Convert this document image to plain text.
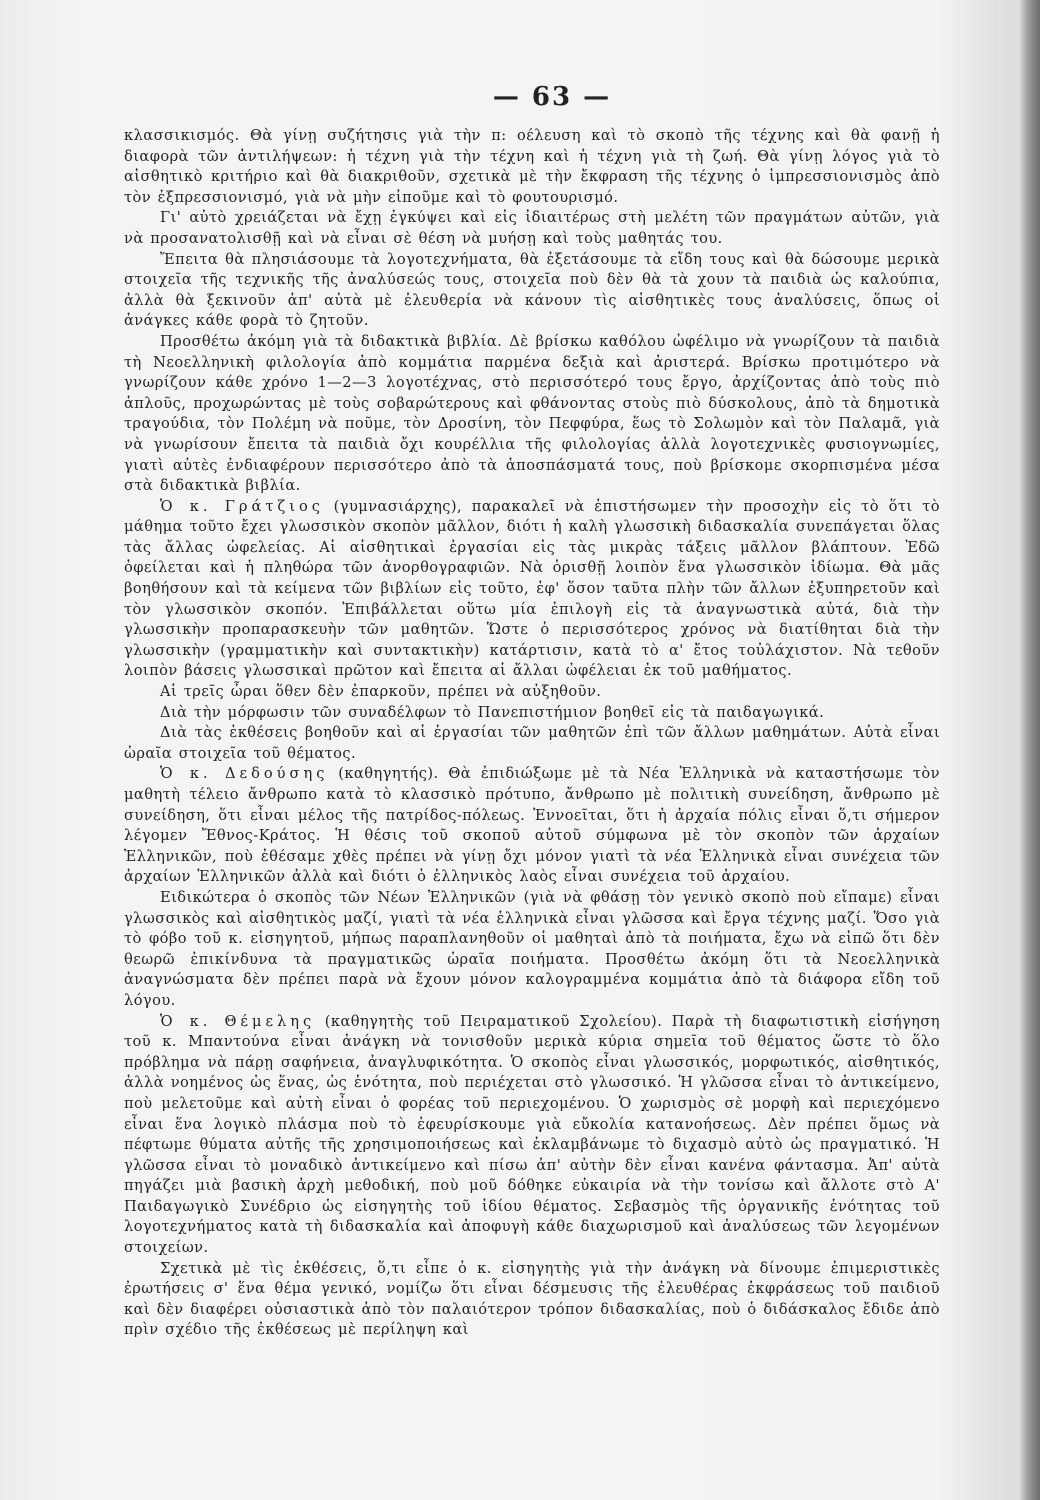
— 63 —

κλασσικισμός. Θὰ γίνῃ συζήτησις γιὰ τὴν π: οέλευση καὶ τὸ σκοπὸ τῆς τέχνης καὶ θὰ φανῇ ἡ διαφορὰ τῶν ἀντιλήψεων: ἡ τέχνη γιὰ τὴν τέχνη καὶ ἡ τέχνη γιὰ τὴ ζωή. Θὰ γίνῃ λόγος γιὰ τὸ αἰσθητικὸ κριτήριο καὶ θὰ διακριθοῦν, σχετικὰ μὲ τὴν ἔκφραση τῆς τέχνης ὁ ἰμπρεσσιονισμὸς ἀπὸ τὸν ἐξπρεσσιονισμό, γιὰ νὰ μὴν εἰποῦμε καὶ τὸ φουτουρισμό.

Γι' αὐτὸ χρειάζεται νὰ ἔχῃ ἐγκύψει καὶ εἰς ἰδιαιτέρως στὴ μελέτη τῶν πραγμάτων αὐτῶν, γιὰ νὰ προσανατολισθῇ καὶ νὰ εἶναι σὲ θέση νὰ μυήσῃ καὶ τοὺς μαθητάς του.

Ἔπειτα θὰ πλησιάσουμε τὰ λογοτεχνήματα, θὰ ἐξετάσουμε τὰ εἴδη τους καὶ θὰ δώσουμε μερικὰ στοιχεῖα τῆς τεχνικῆς τῆς ἀναλύσεώς τους, στοιχεῖα ποὺ δὲν θὰ τὰ χουν τὰ παιδιὰ ὡς καλούπια, ἀλλὰ θὰ ξεκινοῦν ἀπ' αὐτὰ μὲ ἐλευθερία νὰ κάνουν τὶς αἰσθητικὲς τους ἀναλύσεις, ὅπως οἱ ἀνάγκες κάθε φορὰ τὸ ζητοῦν.

Προσθέτω ἀκόμη γιὰ τὰ διδακτικὰ βιβλία. Δὲ βρίσκω καθόλου ὠφέλιμο νὰ γνωρίζουν τὰ παιδιὰ τὴ Νεοελληνικὴ φιλολογία ἀπὸ κομμάτια παρμένα δεξιὰ καὶ ἀριστερά. Βρίσκω προτιμότερο νὰ γνωρίζουν κάθε χρόνο 1—2—3 λογοτέχνας, στὸ περισσότερό τους ἔργο, ἀρχίζοντας ἀπὸ τοὺς πιὸ ἁπλοῦς, προχωρώντας μὲ τοὺς σοβαρώτερους καὶ φθάνοντας στοὺς πιὸ δύσκολους, ἀπὸ τὰ δημοτικὰ τραγούδια, τὸν Πολέμη νὰ ποῦμε, τὸν Δροσίνη, τὸν Πεφφύρα, ἕως τὸ Σολωμὸν καὶ τὸν Παλαμᾶ, γιὰ νὰ γνωρίσουν ἔπειτα τὰ παιδιὰ ὄχι κουρέλλια τῆς φιλολογίας ἀλλὰ λογοτεχνικὲς φυσιογνωμίες, γιατὶ αὐτὲς ἐνδιαφέρουν περισσότερο ἀπὸ τὰ ἀποσπάσματά τους, ποὺ βρίσκομε σκορπισμένα μέσα στὰ διδακτικὰ βιβλία.

Ὁ κ. Γράτζιος (γυμνασιάρχης), παρακαλεῖ νὰ ἐπιστήσωμεν τὴν προσοχὴν εἰς τὸ ὅτι τὸ μάθημα τοῦτο ἔχει γλωσσικὸν σκοπὸν μᾶλλον, διότι ἡ καλὴ γλωσσικὴ διδασκαλία συνεπάγεται ὅλας τὰς ἄλλας ὠφελείας. Αἱ αἰσθητικαὶ ἐργασίαι εἰς τὰς μικρὰς τάξεις μᾶλλον βλάπτουν. Ἐδῶ ὀφείλεται καὶ ἡ πληθώρα τῶν ἀνορθογραφιῶν. Νὰ ὁρισθῇ λοιπὸν ἕνα γλωσσικὸν ἰδίωμα. Θὰ μᾶς βοηθήσουν καὶ τὰ κείμενα τῶν βιβλίων εἰς τοῦτο, ἐφ' ὅσον ταῦτα πλὴν τῶν ἄλλων ἐξυπηρετοῦν καὶ τὸν γλωσσικὸν σκοπόν. Ἐπιβάλλεται οὕτω μία ἐπιλογὴ εἰς τὰ ἀναγνωστικὰ αὐτά, διὰ τὴν γλωσσικὴν προπαρασκευὴν τῶν μαθητῶν. Ὥστε ὁ περισσότερος χρόνος νὰ διατίθηται διὰ τὴν γλωσσικὴν (γραμματικὴν καὶ συντακτικὴν) κατάρτισιν, κατὰ τὸ α' ἔτος τοὐλάχιστον. Νὰ τεθοῦν λοιπὸν βάσεις γλωσσικαὶ πρῶτον καὶ ἔπειτα αἱ ἄλλαι ὠφέλειαι ἐκ τοῦ μαθήματος.

Αἱ τρεῖς ὧραι ὅθεν δὲν ἐπαρκοῦν, πρέπει νὰ αὐξηθοῦν.

Διὰ τὴν μόρφωσιν τῶν συναδέλφων τὸ Πανεπιστήμιον βοηθεῖ εἰς τὰ παιδαγωγικά.

Διὰ τὰς ἐκθέσεις βοηθοῦν καὶ αἱ ἐργασίαι τῶν μαθητῶν ἐπὶ τῶν ἄλλων μαθημάτων. Αὐτὰ εἶναι ὡραῖα στοιχεῖα τοῦ θέματος.

Ὁ κ. Δεδούσης (καθηγητής). Θὰ ἐπιδιώξωμε μὲ τὰ Νέα Ἑλληνικὰ νὰ καταστήσωμε τὸν μαθητὴ τέλειο ἄνθρωπο κατὰ τὸ κλασσικὸ πρότυπο, ἄνθρωπο μὲ πολιτικὴ συνείδηση, ἄνθρωπο μὲ συνείδηση, ὅτι εἶναι μέλος τῆς πατρίδος-πόλεως. Ἐννοεῖται, ὅτι ἡ ἀρχαία πόλις εἶναι ὅ,τι σήμερον λέγομεν Ἔθνος-Κράτος. Ἡ θέσις τοῦ σκοποῦ αὐτοῦ σύμφωνα μὲ τὸν σκοπὸν τῶν ἀρχαίων Ἑλληνικῶν, ποὺ ἐθέσαμε χθὲς πρέπει νὰ γίνῃ ὄχι μόνον γιατὶ τὰ νέα Ἑλληνικὰ εἶναι συνέχεια τῶν ἀρχαίων Ἑλληνικῶν ἀλλὰ καὶ διότι ὁ ἑλληνικὸς λαὸς εἶναι συνέχεια τοῦ ἀρχαίου.

Ειδικώτερα ὁ σκοπὸς τῶν Νέων Ἑλληνικῶν (γιὰ νὰ φθάσῃ τὸν γενικὸ σκοπὸ ποὺ εἴπαμε) εἶναι γλωσσικὸς καὶ αἰσθητικὸς μαζί, γιατὶ τὰ νέα ἑλληνικὰ εἶναι γλῶσσα καὶ ἔργα τέχνης μαζί. Ὅσο γιὰ τὸ φόβο τοῦ κ. εἰσηγητοῦ, μήπως παραπλανηθοῦν οἱ μαθηταὶ ἀπὸ τὰ ποιήματα, ἔχω νὰ εἰπῶ ὅτι δὲν θεωρῶ ἐπικίνδυνα τὰ πραγματικῶς ὡραῖα ποιήματα. Προσθέτω ἀκόμη ὅτι τὰ Νεοελληνικὰ ἀναγνώσματα δὲν πρέπει παρὰ νὰ ἔχουν μόνον καλογραμμένα κομμάτια ἀπὸ τὰ διάφορα εἴδη τοῦ λόγου.

Ὁ κ. Θέμελης (καθηγητὴς τοῦ Πειραματικοῦ Σχολείου). Παρὰ τὴ διαφωτιστικὴ εἰσήγηση τοῦ κ. Μπαντούνα εἶναι ἀνάγκη νὰ τονισθοῦν μερικὰ κύρια σημεῖα τοῦ θέματος ὥστε τὸ ὅλο πρόβλημα νὰ πάρῃ σαφήνεια, ἀναγλυφικότητα. Ὁ σκοπὸς εἶναι γλωσσικός, μορφωτικός, αἰσθητικός, ἀλλὰ νοημένος ὡς ἕνας, ὡς ἑνότητα, ποὺ περιέχεται στὸ γλωσσικό. Ἡ γλῶσσα εἶναι τὸ ἀντικείμενο, ποὺ μελετοῦμε καὶ αὐτὴ εἶναι ὁ φορέας τοῦ περιεχομένου. Ὁ χωρισμὸς σὲ μορφὴ καὶ περιεχόμενο εἶναι ἕνα λογικὸ πλάσμα ποὺ τὸ ἐφευρίσκουμε γιὰ εὔκολία κατανοήσεως. Δὲν πρέπει ὅμως νὰ πέφτωμε θύματα αὐτῆς τῆς χρησιμοποιήσεως καὶ ἐκλαμβάνωμε τὸ διχασμὸ αὐτὸ ὡς πραγματικό. Ἡ γλῶσσα εἶναι τὸ μοναδικὸ ἀντικείμενο καὶ πίσω ἀπ' αὐτὴν δὲν εἶναι κανένα φάντασμα. Ἀπ' αὐτὰ πηγάζει μιὰ βασικὴ ἀρχὴ μεθοδική, ποὺ μοῦ δόθηκε εὐκαιρία νὰ τὴν τονίσω καὶ ἄλλοτε στὸ Α' Παιδαγωγικὸ Συνέδριο ὡς εἰσηγητὴς τοῦ ἰδίου θέματος. Σεβασμὸς τῆς ὀργανικῆς ἑνότητας τοῦ λογοτεχνήματος κατὰ τὴ διδασκαλία καὶ ἀποφυγὴ κάθε διαχωρισμοῦ καὶ ἀναλύσεως τῶν λεγομένων στοιχείων.

Σχετικὰ μὲ τὶς ἐκθέσεις, ὅ,τι εἶπε ὁ κ. εἰσηγητὴς γιὰ τὴν ἀνάγκη νὰ δίνουμε ἐπιμεριστικὲς ἐρωτήσεις σ' ἕνα θέμα γενικό, νομίζω ὅτι εἶναι δέσμευσις τῆς ἐλευθέρας ἐκφράσεως τοῦ παιδιοῦ καὶ δὲν διαφέρει οὐσιαστικὰ ἀπὸ τὸν παλαιότερον τρόπον διδασκαλίας, ποὺ ὁ διδάσκαλος ἔδιδε ἀπὸ πρὶν σχέδιο τῆς ἐκθέσεως μὲ περίληψη καὶ
